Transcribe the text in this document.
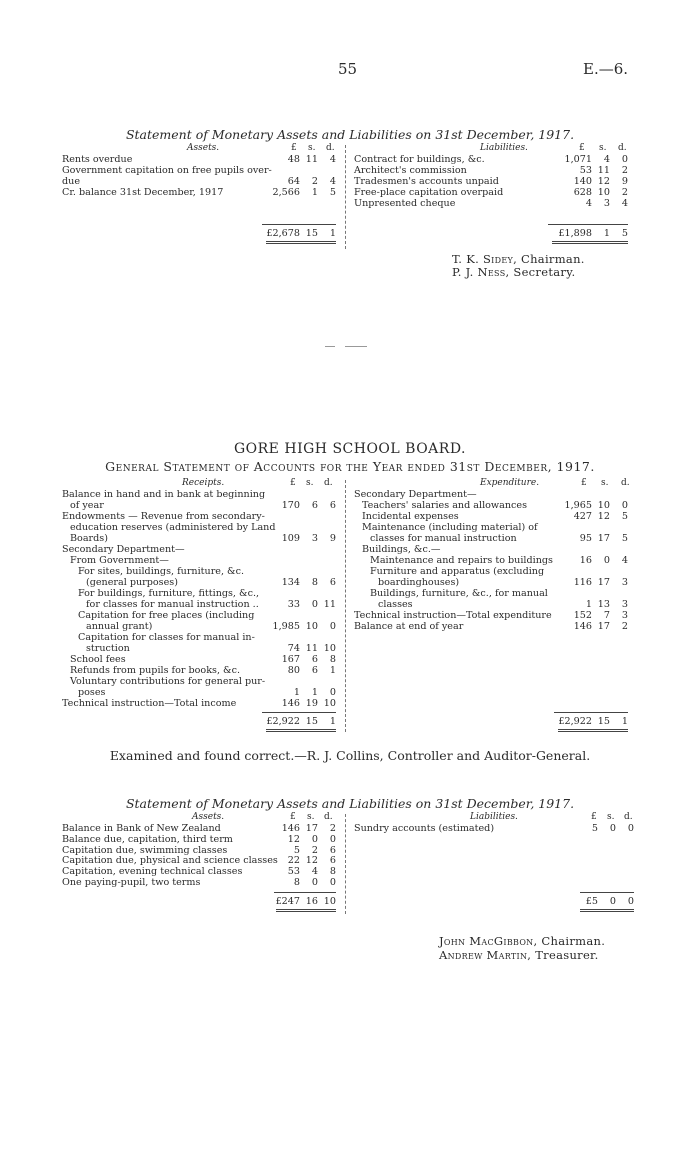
55	E.—6.
Statement of Monetary Assets and Liabilities on 31st December, 1917.
Assets.	£ s. d.	Liabilities.	£ s. d.
Rents overdue	48 11 4
Government capitation on free pupils over-
due	64 2 4
Cr. balance 31st December, 1917	2,566 1 5
Contract for buildings, &c.	1,071 4 0
Architect's commission	53 11 2
Tradesmen's accounts unpaid	140 12 9
Free-place capitation overpaid	628 10 2
Unpresented cheque	4 3 4
£2,678 15 1	£1,898 1 5
T. K. Sidey, Chairman.
P. J. Ness, Secretary.
GORE HIGH SCHOOL BOARD.
General Statement of Accounts for the Year ended 31st December, 1917.
Receipts.	£ s. d.	Expenditure.	£ s. d.
Balance in hand and in bank at beginning
of year	170 6 6
Endowments — Revenue from secondary-
education reserves (administered by Land
Boards)	109 3 9
Secondary Department—
From Government—
For sites, buildings, furniture, &c.
(general purposes)	134 8 6
For buildings, furniture, fittings, &c.,
for classes for manual instruction ..	33 0 11
Capitation for free places (including
annual grant)	1,985 10 0
Capitation for classes for manual in-
struction	74 11 10
School fees	167 6 8
Refunds from pupils for books, &c.	80 6 1
Voluntary contributions for general pur-
poses	1 1 0
Technical instruction—Total income	146 19 10
Secondary Department—
Teachers' salaries and allowances	1,965 10 0
Incidental expenses	427 12 5
Maintenance (including material) of
classes for manual instruction	95 17 5
Buildings, &c.—
Maintenance and repairs to buildings	16 0 4
Furniture and apparatus (excluding
boardinghouses)	116 17 3
Buildings, furniture, &c., for manual
classes	1 13 3
Technical instruction—Total expenditure 152 7 3
Balance at end of year	146 17 2
£2,922 15 1	£2,922 15 1
Examined and found correct.—R. J. Collins, Controller and Auditor-General.
Statement of Monetary Assets and Liabilities on 31st December, 1917.
Assets.	£ s. d.	Liabilities.	£ s. d.
Balance in Bank of New Zealand	146 17 2
Balance due, capitation, third term	12 0 0
Capitation due, swimming classes	5 2 6
Capitation due, physical and science classes 22 12 6
Capitation, evening technical classes	53 4 8
One paying-pupil, two terms	8 0 0
Sundry accounts (estimated)	5 0 0
£247 16 10	£5 0 0
John MacGibbon, Chairman.
Andrew Martin, Treasurer.
